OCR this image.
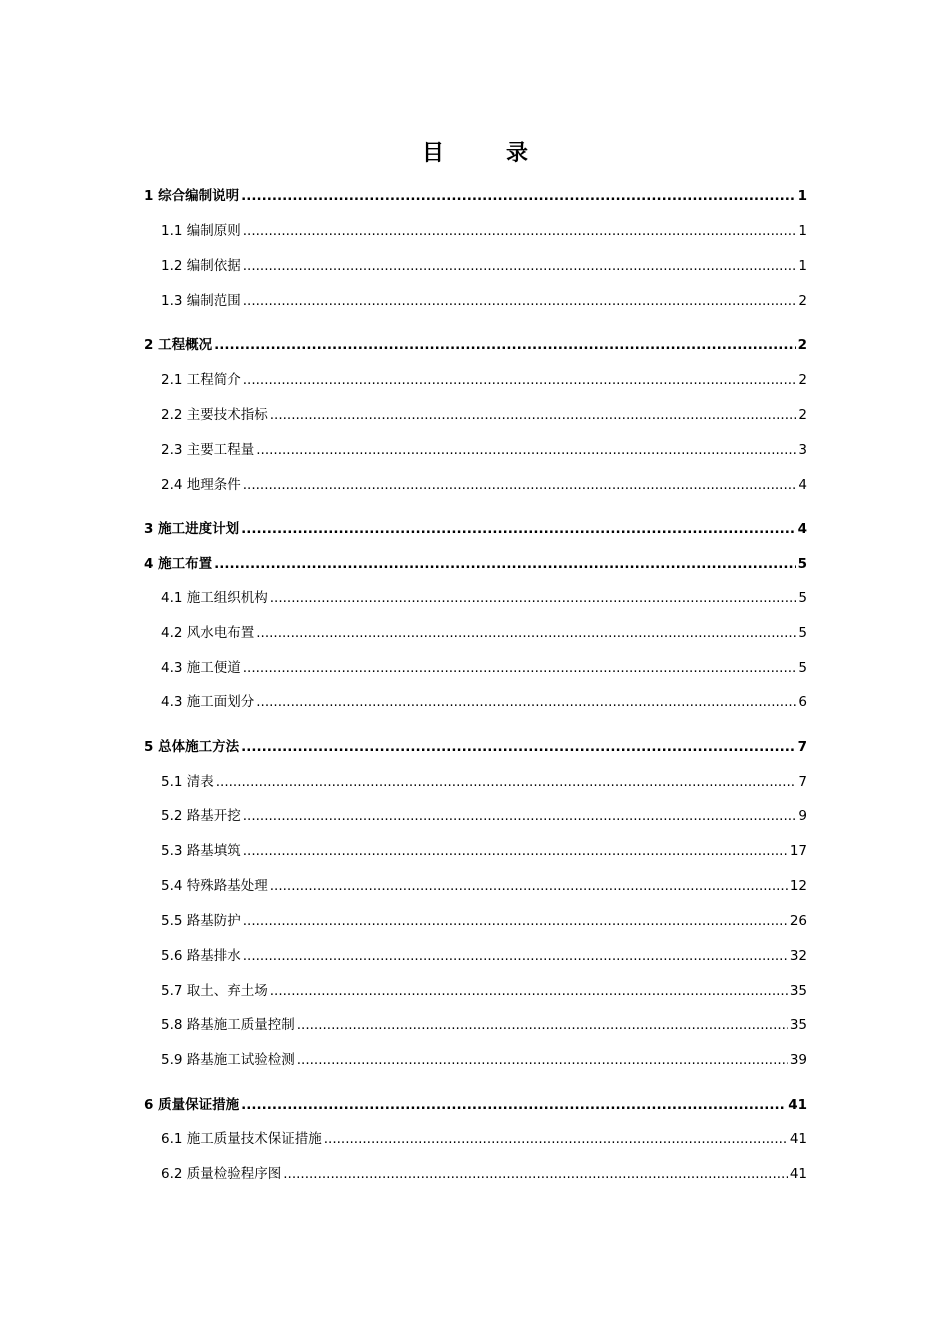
目　录
1 综合编制说明 .....	1
1.1 编制原则 .....	1
1.2 编制依据 .....	1
1.3 编制范围 .....	2
2 工程概况 .....	2
2.1 工程简介 .....	2
2.2 主要技术指标 .....	2
2.3 主要工程量 .....	3
2.4 地理条件 .....	4
3 施工进度计划 .....	4
4 施工布置 .....	5
4.1 施工组织机构 .....	5
4.2 风水电布置 .....	5
4.3 施工便道 .....	5
4.3 施工面划分 .....	6
5 总体施工方法 .....	7
5.1 清表 .....	7
5.2 路基开挖 .....	9
5.3 路基填筑 .....	17
5.4 特殊路基处理 .....	12
5.5 路基防护 .....	26
5.6 路基排水 .....	32
5.7 取土、弃土场 .....	35
5.8 路基施工质量控制 .....	35
5.9 路基施工试验检测 .....	39
6 质量保证措施 .....	41
6.1 施工质量技术保证措施 .....	41
6.2 质量检验程序图 .....	41
